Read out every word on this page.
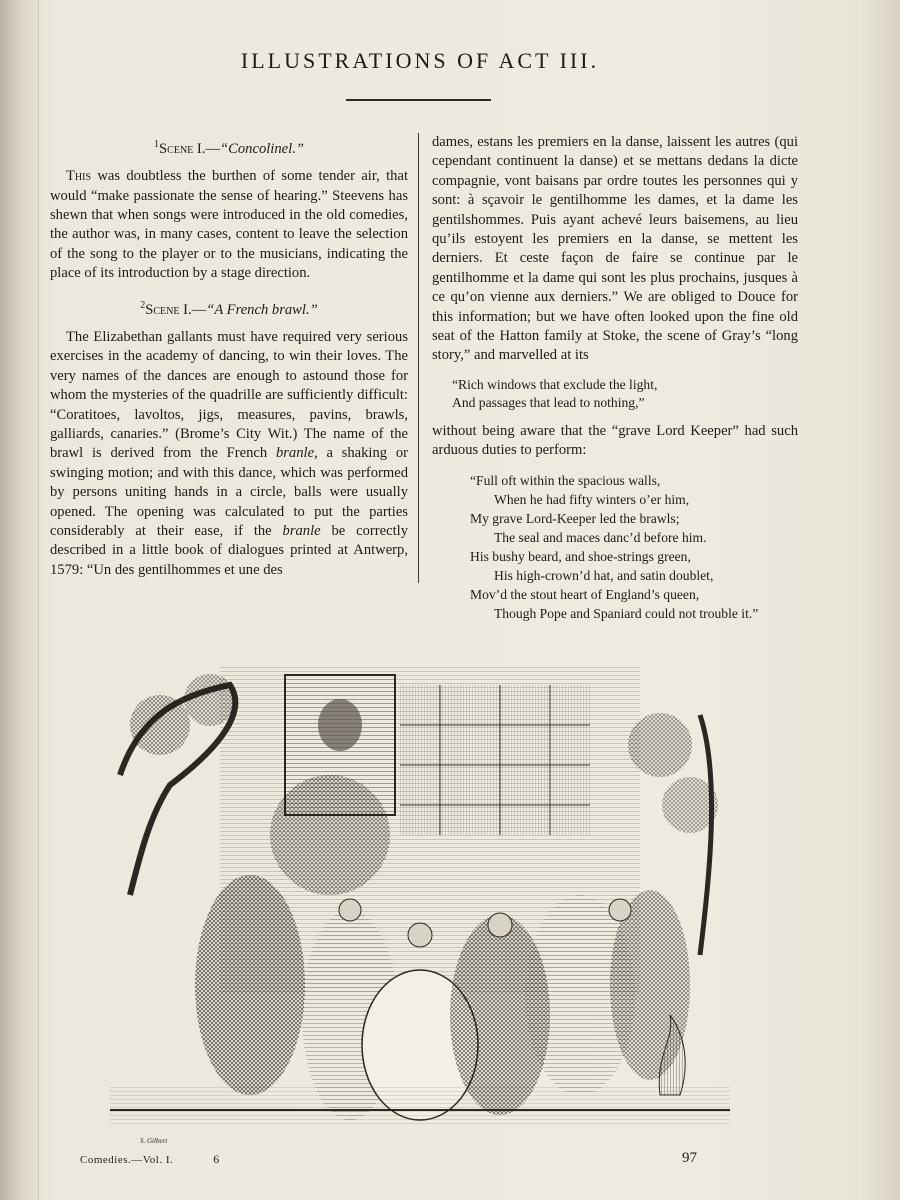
ILLUSTRATIONS OF ACT III.
$^1$Scene I.—“Concolinel.”

This was doubtless the burthen of some tender air, that would “make passionate the sense of hearing.” Steevens has shewn that when songs were introduced in the old comedies, the author was, in many cases, content to leave the selection of the song to the player or to the musicians, indicating the place of its introduction by a stage direction.

$^2$Scene I.—“A French brawl.”

The Elizabethan gallants must have required very serious exercises in the academy of dancing, to win their loves. The very names of the dances are enough to astound those for whom the mysteries of the quadrille are sufficiently difficult: “Coratitoes, lavoltos, jigs, measures, pavins, brawls, galliards, canaries.” (Brome’s City Wit.) The name of the brawl is derived from the French branle, a shaking or swinging motion; and with this dance, which was performed by persons uniting hands in a circle, balls were usually opened. The opening was calculated to put the parties considerably at their ease, if the branle be correctly described in a little book of dialogues printed at Antwerp, 1579: “Un des gentilhommes et une des

dames, estans les premiers en la danse, laissent les autres (qui cependant continuent la danse) et se mettans dedans la dicte compagnie, vont baisans par ordre toutes les personnes qui y sont: à sçavoir le gentilhomme les dames, et la dame les gentilshommes. Puis ayant achevé leurs baisemens, au lieu qu’ils estoyent les premiers en la danse, se mettent les derniers. Et ceste façon de faire se continue par le gentilhomme et la dame qui sont les plus prochains, jusques à ce qu’on vienne aux derniers.” We are obliged to Douce for this information; but we have often looked upon the fine old seat of the Hatton family at Stoke, the scene of Gray’s “long story,” and marvelled at its

“Rich windows that exclude the light,
And passages that lead to nothing,”

without being aware that the “grave Lord Keeper” had such arduous duties to perform:

“Full oft within the spacious walls,
When he had fifty winters o’er him,
My grave Lord-Keeper led the brawls;
The seal and maces danc’d before him.
His bushy beard, and shoe-strings green,
His high-crown’d hat, and satin doublet,
Mov’d the stout heart of England’s queen,
Though Pope and Spaniard could not trouble it.”
S. Gilbert
Comedies.—Vol. I.	6	97
